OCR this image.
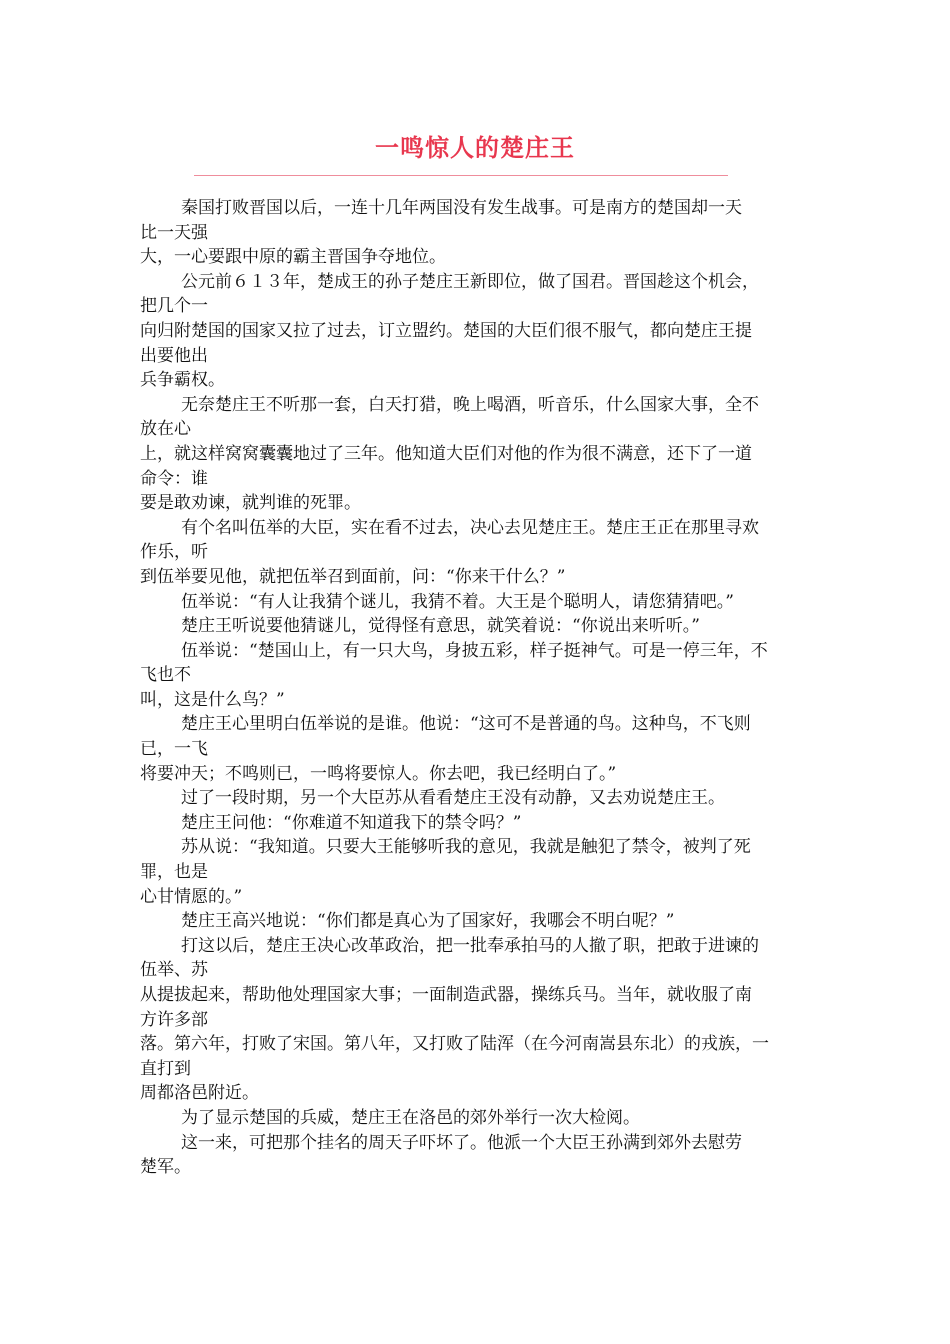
一鸣惊人的楚庄王
秦国打败晋国以后，一连十几年两国没有发生战事。可是南方的楚国却一天
比一天强
大，一心要跟中原的霸主晋国争夺地位。
公元前６１３年，楚成王的孙子楚庄王新即位，做了国君。晋国趁这个机会，
把几个一
向归附楚国的国家又拉了过去，订立盟约。楚国的大臣们很不服气，都向楚庄王提
出要他出
兵争霸权。
无奈楚庄王不听那一套，白天打猎，晚上喝酒，听音乐，什么国家大事，全不
放在心
上，就这样窝窝囊囊地过了三年。他知道大臣们对他的作为很不满意，还下了一道
命令：谁
要是敢劝谏，就判谁的死罪。
有个名叫伍举的大臣，实在看不过去，决心去见楚庄王。楚庄王正在那里寻欢
作乐，听
到伍举要见他，就把伍举召到面前，问：“你来干什么？”
伍举说：“有人让我猜个谜儿，我猜不着。大王是个聪明人，请您猜猜吧。”
楚庄王听说要他猜谜儿，觉得怪有意思，就笑着说：“你说出来听听。”
伍举说：“楚国山上，有一只大鸟，身披五彩，样子挺神气。可是一停三年，不
飞也不
叫，这是什么鸟？”
楚庄王心里明白伍举说的是谁。他说：“这可不是普通的鸟。这种鸟，不飞则
已，一飞
将要冲天；不鸣则已，一鸣将要惊人。你去吧，我已经明白了。”
过了一段时期，另一个大臣苏从看看楚庄王没有动静，又去劝说楚庄王。
楚庄王问他：“你难道不知道我下的禁令吗？”
苏从说：“我知道。只要大王能够听我的意见，我就是触犯了禁令，被判了死
罪，也是
心甘情愿的。”
楚庄王高兴地说：“你们都是真心为了国家好，我哪会不明白呢？”
打这以后，楚庄王决心改革政治，把一批奉承拍马的人撤了职，把敢于进谏的
伍举、苏
从提拔起来，帮助他处理国家大事；一面制造武器，操练兵马。当年，就收服了南
方许多部
落。第六年，打败了宋国。第八年，又打败了陆浑（在今河南嵩县东北）的戎族，一
直打到
周都洛邑附近。
为了显示楚国的兵威，楚庄王在洛邑的郊外举行一次大检阅。
这一来，可把那个挂名的周天子吓坏了。他派一个大臣王孙满到郊外去慰劳
楚军。
